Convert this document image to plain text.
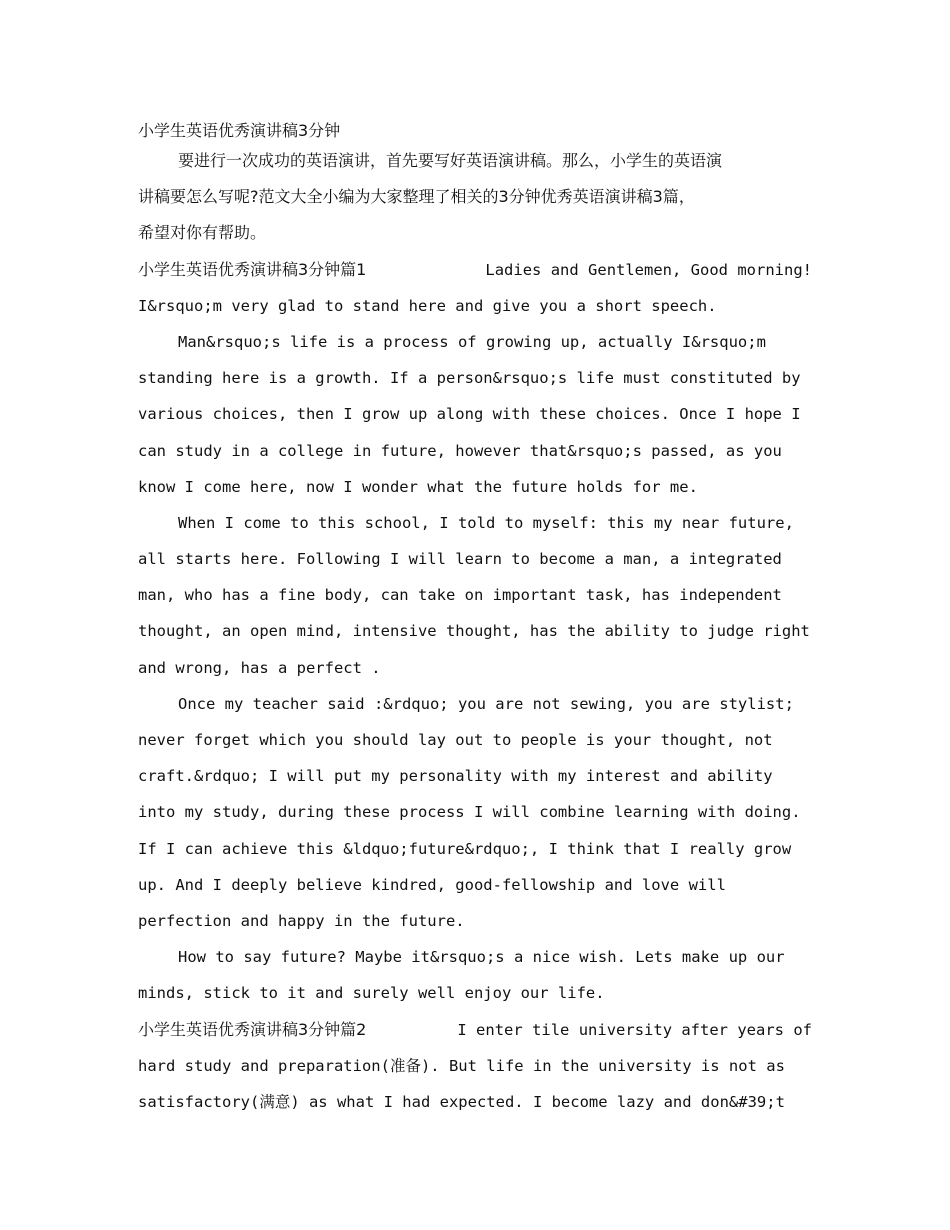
小学生英语优秀演讲稿3分钟
要进行一次成功的英语演讲，首先要写好英语演讲稿。那么，小学生的英语演
讲稿要怎么写呢?范文大全小编为大家整理了相关的3分钟优秀英语演讲稿3篇，
希望对你有帮助。
小学生英语优秀演讲稿3分钟篇1	Ladies and Gentlemen, Good morning!
I&rsquo;m very glad to stand here and give you a short speech.
Man&rsquo;s life is a process of growing up, actually I&rsquo;m
standing here is a growth. If a person&rsquo;s life must constituted by
various choices, then I grow up along with these choices. Once I hope I
can study in a college in future, however that&rsquo;s passed, as you
know I come here, now I wonder what the future holds for me.
When I come to this school, I told to myself: this my near future,
all starts here. Following I will learn to become a man, a integrated
man, who has a fine body, can take on important task, has independent
thought, an open mind, intensive thought, has the ability to judge right
and wrong, has a perfect .
Once my teacher said :&rdquo; you are not sewing, you are stylist;
never forget which you should lay out to people is your thought, not
craft.&rdquo; I will put my personality with my interest and ability
into my study, during these process I will combine learning with doing.
If I can achieve this &ldquo;future&rdquo;, I think that I really grow
up. And I deeply believe kindred, good-fellowship and love will
perfection and happy in the future.
How to say future? Maybe it&rsquo;s a nice wish. Lets make up our
minds, stick to it and surely well enjoy our life.
小学生英语优秀演讲稿3分钟篇2	I enter tile university after years of
hard study and preparation(准备). But life in the university is not as
satisfactory(满意) as what I had expected. I become lazy and don&#39;t
